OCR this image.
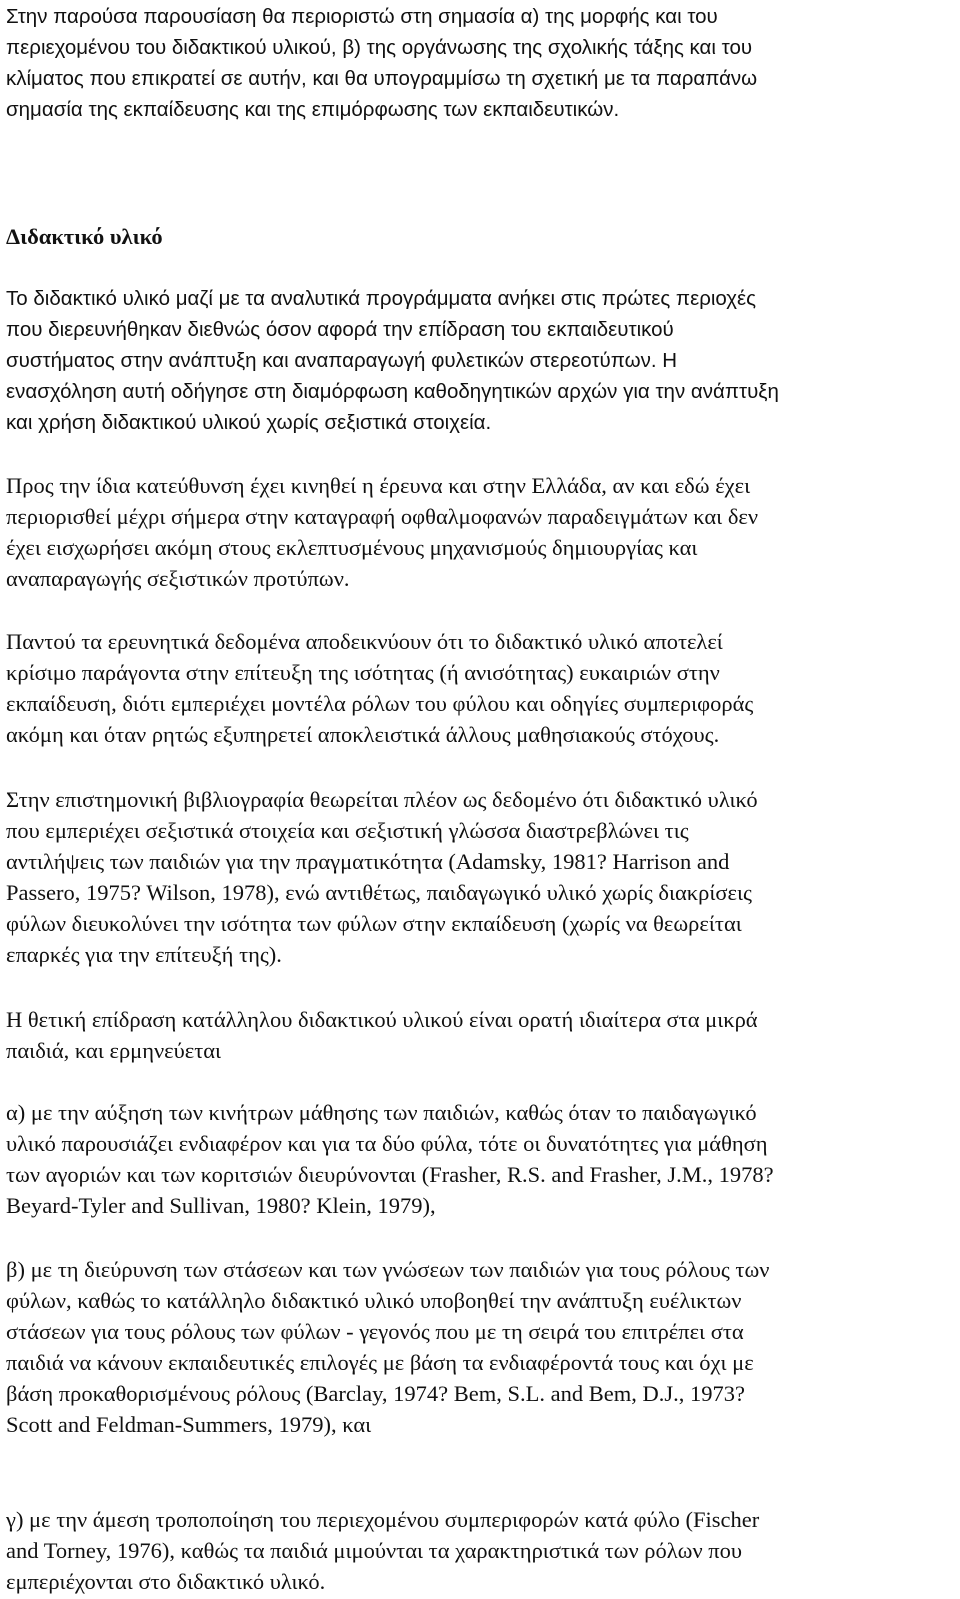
Στην παρούσα παρουσίαση θα περιοριστώ στη σημασία α) της μορφής και του
περιεχομένου του διδακτικού υλικού, β) της οργάνωσης της σχολικής τάξης και του
κλίματος που επικρατεί σε αυτήν, και θα υπογραμμίσω τη σχετική με τα παραπάνω
σημασία της εκπαίδευσης και της επιμόρφωσης των εκπαιδευτικών.

Διδακτικό υλικό

Το διδακτικό υλικό μαζί με τα αναλυτικά προγράμματα ανήκει στις πρώτες περιοχές
που διερευνήθηκαν διεθνώς όσον αφορά την επίδραση του εκπαιδευτικού
συστήματος στην ανάπτυξη και αναπαραγωγή φυλετικών στερεοτύπων. Η
ενασχόληση αυτή οδήγησε στη διαμόρφωση καθοδηγητικών αρχών για την ανάπτυξη
και χρήση διδακτικού υλικού χωρίς σεξιστικά στοιχεία.

Προς την ίδια κατεύθυνση έχει κινηθεί η έρευνα και στην Ελλάδα, αν και εδώ έχει
περιορισθεί μέχρι σήμερα στην καταγραφή οφθαλμοφανών παραδειγμάτων και δεν
έχει εισχωρήσει ακόμη στους εκλεπτυσμένους μηχανισμούς δημιουργίας και
αναπαραγωγής σεξιστικών προτύπων.

Παντού τα ερευνητικά δεδομένα αποδεικνύουν ότι το διδακτικό υλικό αποτελεί
κρίσιμο παράγοντα στην επίτευξη της ισότητας (ή ανισότητας) ευκαιριών στην
εκπαίδευση, διότι εμπεριέχει μοντέλα ρόλων του φύλου και οδηγίες συμπεριφοράς
ακόμη και όταν ρητώς εξυπηρετεί αποκλειστικά άλλους μαθησιακούς στόχους.

Στην επιστημονική βιβλιογραφία θεωρείται πλέον ως δεδομένο ότι διδακτικό υλικό
που εμπεριέχει σεξιστικά στοιχεία και σεξιστική γλώσσα διαστρεβλώνει τις
αντιλήψεις των παιδιών για την πραγματικότητα (Adamsky, 1981? Harrison and
Passero, 1975? Wilson, 1978), ενώ αντιθέτως, παιδαγωγικό υλικό χωρίς διακρίσεις
φύλων διευκολύνει την ισότητα των φύλων στην εκπαίδευση (χωρίς να θεωρείται
επαρκές για την επίτευξή της).

Η θετική επίδραση κατάλληλου διδακτικού υλικού είναι ορατή ιδιαίτερα στα μικρά
παιδιά, και ερμηνεύεται

α) με την αύξηση των κινήτρων μάθησης των παιδιών, καθώς όταν το παιδαγωγικό
υλικό παρουσιάζει ενδιαφέρον και για τα δύο φύλα, τότε οι δυνατότητες για μάθηση
των αγοριών και των κοριτσιών διευρύνονται (Frasher, R.S. and Frasher, J.M., 1978?
Beyard-Tyler and Sullivan, 1980? Klein, 1979),

β) με τη διεύρυνση των στάσεων και των γνώσεων των παιδιών για τους ρόλους των
φύλων, καθώς το κατάλληλο διδακτικό υλικό υποβοηθεί την ανάπτυξη ευέλικτων
στάσεων για τους ρόλους των φύλων - γεγονός που με τη σειρά του επιτρέπει στα
παιδιά να κάνουν εκπαιδευτικές επιλογές με βάση τα ενδιαφέροντά τους και όχι με
βάση προκαθορισμένους ρόλους (Barclay, 1974? Bem, S.L. and Bem, D.J., 1973?
Scott and Feldman-Summers, 1979), και

γ) με την άμεση τροποποίηση του περιεχομένου συμπεριφορών κατά φύλο (Fischer
and Torney, 1976), καθώς τα παιδιά μιμούνται τα χαρακτηριστικά των ρόλων που
εμπεριέχονται στο διδακτικό υλικό.
